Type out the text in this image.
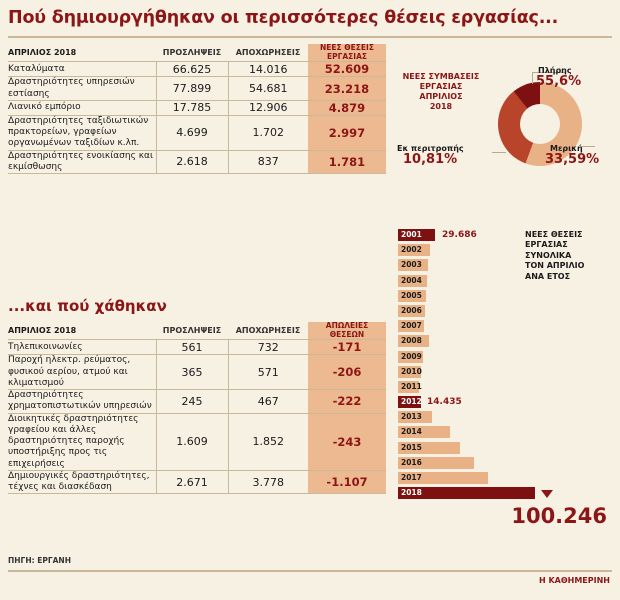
Πού δημιουργήθηκαν οι περισσότερες θέσεις εργασίας...
ΑΠΡΙΛΙΟΣ 2018	ΠΡΟΣΛΗΨΕΙΣ	ΑΠΟΧΩΡΗΣΕΙΣ	ΝΕΕΣ ΘΕΣΕΙΣ
ΕΡΓΑΣΙΑΣ
Καταλύματα	66.625	14.016	52.609
Δραστηριότητες υπηρεσιών εστίασης	77.899	54.681	23.218
Λιανικό εμπόριο	17.785	12.906	4.879
Δραστηριότητες ταξιδιωτικών πρακτορείων, γραφείων οργανωμένων ταξιδίων κ.λπ.	4.699	1.702	2.997
Δραστηριότητες ενοικίασης και εκμίσθωσης	2.618	837	1.781

...και πού χάθηκαν
ΑΠΡΙΛΙΟΣ 2018	ΠΡΟΣΛΗΨΕΙΣ	ΑΠΟΧΩΡΗΣΕΙΣ	ΑΠΩΛΕΙΕΣ
ΘΕΣΕΩΝ
Τηλεπικοινωνίες	561	732	-171
Παροχή ηλεκτρ. ρεύματος, φυσικού αερίου, ατμού και κλιματισμού	365	571	-206
Δραστηριότητες χρηματοπιστωτικών υπηρεσιών	245	467	-222
Διοικητικές δραστηριότητες γραφείου και άλλες δραστηριότητες παροχής υποστήριξης προς τις επιχειρήσεις	1.609	1.852	-243
Δημιουργικές δραστηριότητες, τέχνες και διασκέδαση	2.671	3.778	-1.107

ΝΕΕΣ ΣΥΜΒΑΣΕΙΣ
ΕΡΓΑΣΙΑΣ
ΑΠΡΙΛΙΟΣ
2018
Πλήρης
55,6%
Μερική
33,59%
Εκ περιτροπής
10,81%
ΝΕΕΣ ΘΕΣΕΙΣ
ΕΡΓΑΣΙΑΣ
ΣΥΝΟΛΙΚΑ
ΤΟΝ ΑΠΡΙΛΙΟ
ΑΝΑ ΕΤΟΣ
2001 29.686
2002
2003
2004
2005
2006
2007
2008
2009
2010
2011
2012 14.435
2013
2014
2015
2016
2017
2018
100.246
ΠΗΓΗ: ΕΡΓΑΝΗ
Η ΚΑΘΗΜΕΡΙΝΗ
